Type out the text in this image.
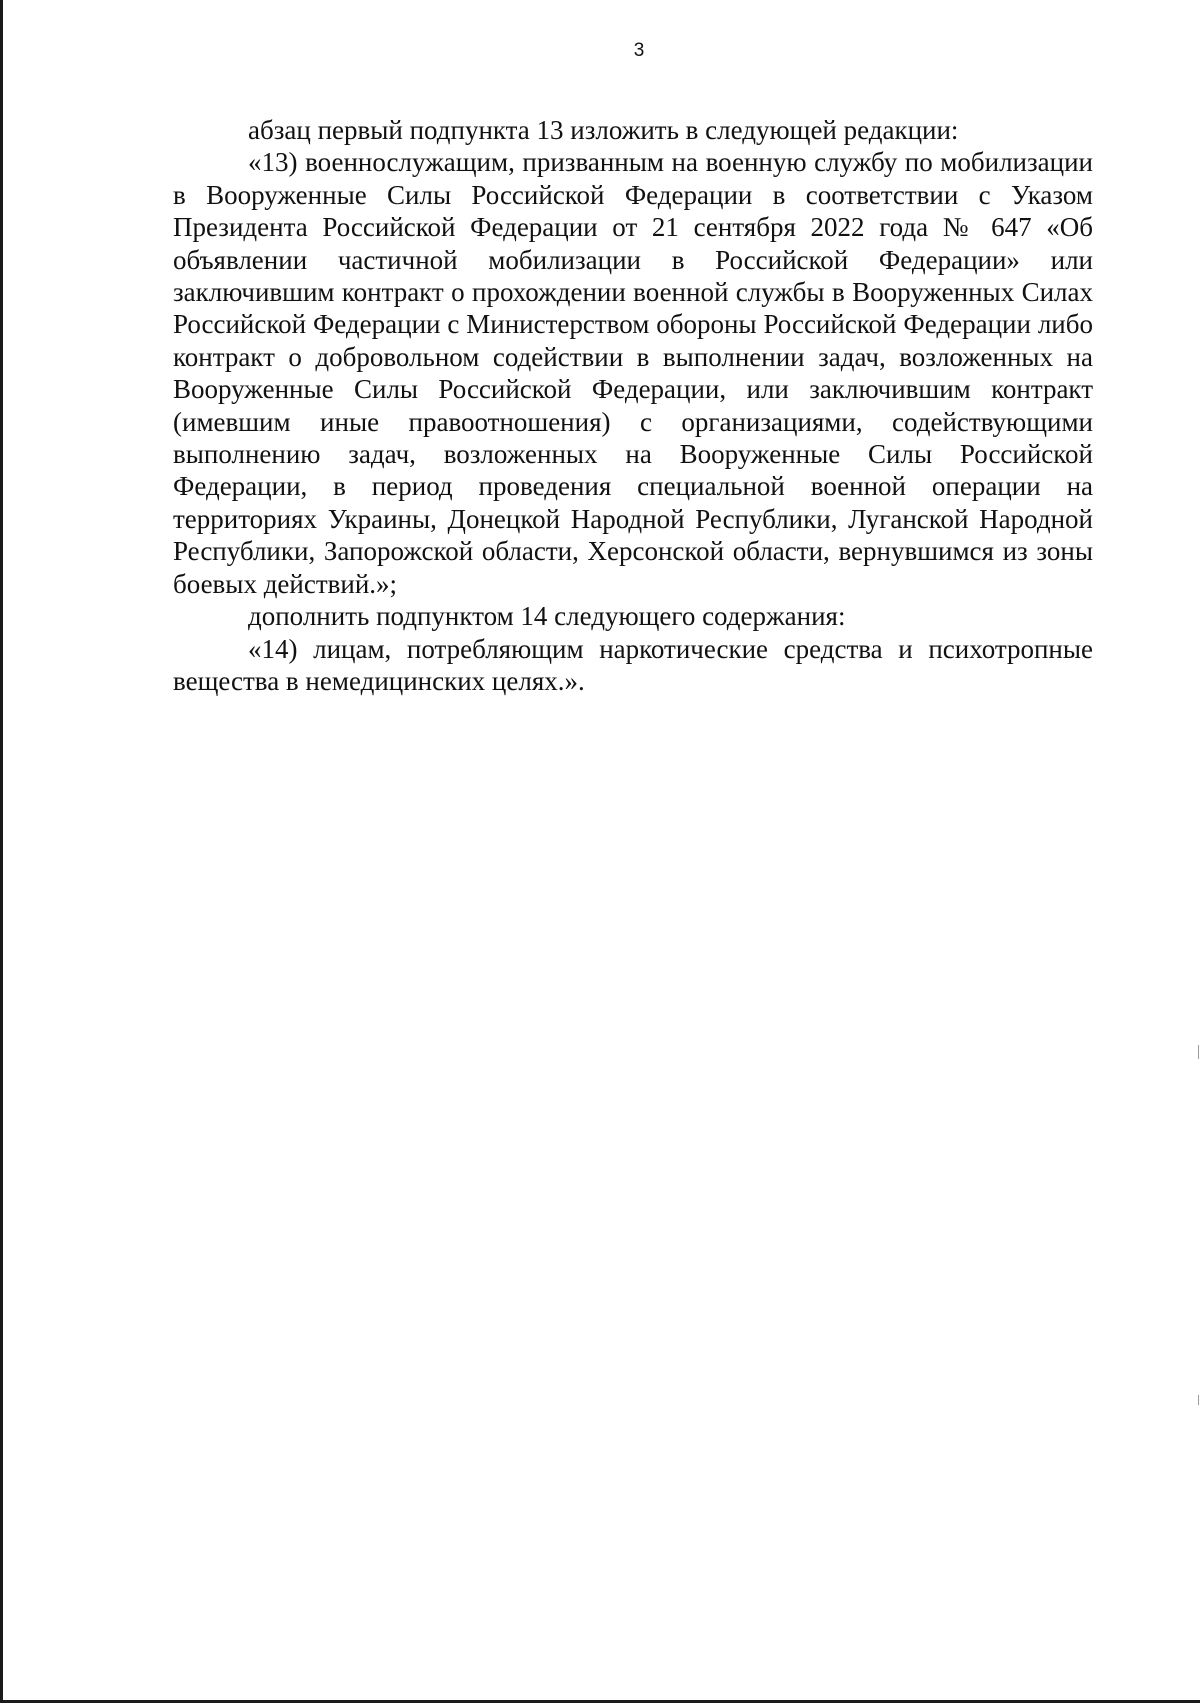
3

абзац первый подпункта 13 изложить в следующей редакции:

«13) военнослужащим, призванным на военную службу по мобилизации в Вооруженные Силы Российской Федерации в соответствии с Указом Президента Российской Федерации от 21 сентября 2022 года № 647 «Об объявлении частичной мобилизации в Российской Федерации» или заключившим контракт о прохождении военной службы в Вооруженных Силах Российской Федерации с Министерством обороны Российской Федерации либо контракт о добровольном содействии в выполнении задач, возложенных на Вооруженные Силы Российской Федерации, или заключившим контракт (имевшим иные правоотношения) с организациями, содействующими выполнению задач, возложенных на Вооруженные Силы Российской Федерации, в период проведения специальной военной операции на территориях Украины, Донецкой Народной Республики, Луганской Народной Республики, Запорожской области, Херсонской области, вернувшимся из зоны боевых действий.»;

дополнить подпунктом 14 следующего содержания:

«14) лицам, потребляющим наркотические средства и психотропные вещества в немедицинских целях.».
